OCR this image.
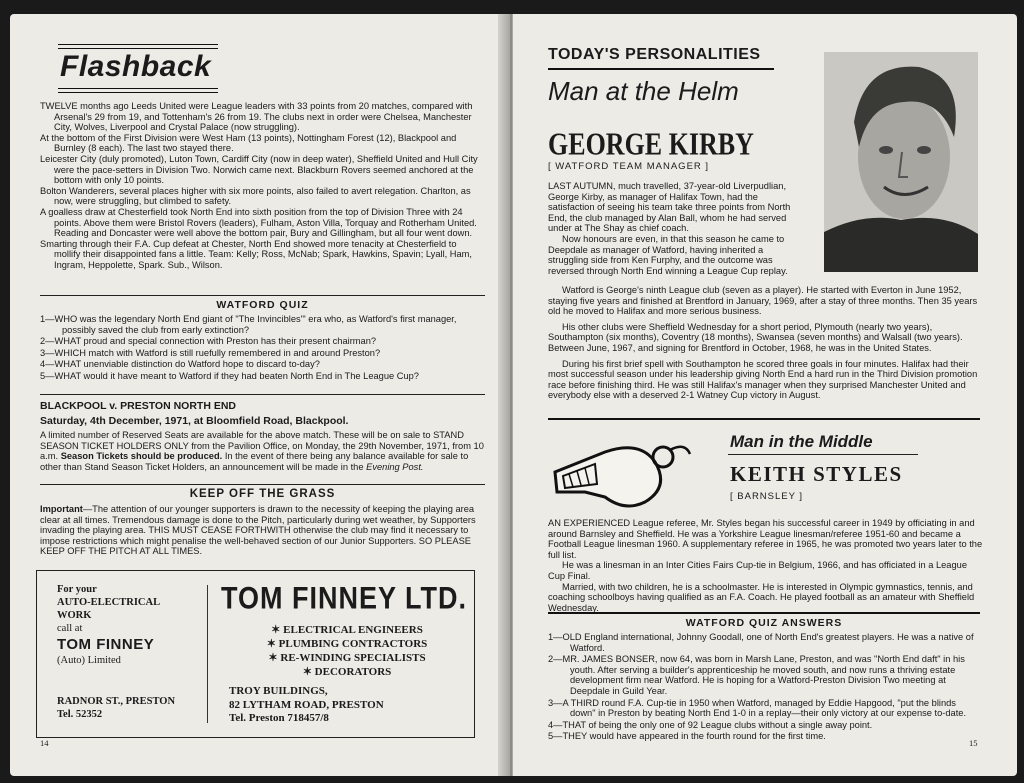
Flashback

TWELVE months ago Leeds United were League leaders with 33 points from 20 matches, compared with Arsenal's 29 from 19, and Tottenham's 26 from 19. The clubs next in order were Chelsea, Manchester City, Wolves, Liverpool and Crystal Palace (now struggling).

At the bottom of the First Division were West Ham (13 points), Nottingham Forest (12), Blackpool and Burnley (8 each). The last two stayed there.

Leicester City (duly promoted), Luton Town, Cardiff City (now in deep water), Sheffield United and Hull City were the pace-setters in Division Two. Norwich came next. Blackburn Rovers seemed anchored at the bottom with only 10 points.

Bolton Wanderers, several places higher with six more points, also failed to avert relegation. Charlton, as now, were struggling, but climbed to safety.

A goalless draw at Chesterfield took North End into sixth position from the top of Division Three with 24 points. Above them were Bristol Rovers (leaders), Fulham, Aston Villa, Torquay and Rotherham United. Reading and Doncaster were well above the bottom pair, Bury and Gillingham, but all four went down.

Smarting through their F.A. Cup defeat at Chester, North End showed more tenacity at Chesterfield to mollify their disappointed fans a little. Team: Kelly; Ross, McNab; Spark, Hawkins, Spavin; Lyall, Ham, Ingram, Heppolette, Spark. Sub., Wilson.

WATFORD QUIZ

1—WHO was the legendary North End giant of "The Invincibles'" era who, as Watford's first manager, possibly saved the club from early extinction?

2—WHAT proud and special connection with Preston has their present chairman?

3—WHICH match with Watford is still ruefully remembered in and around Preston?

4—WHAT unenviable distinction do Watford hope to discard to-day?

5—WHAT would it have meant to Watford if they had beaten North End in The League Cup?

BLACKPOOL v. PRESTON NORTH END
Saturday, 4th December, 1971, at Bloomfield Road, Blackpool.
A limited number of Reserved Seats are available for the above match. These will be on sale to STAND SEASON TICKET HOLDERS ONLY from the Pavilion Office, on Monday, the 29th November, 1971, from 10 a.m. Season Tickets should be produced. In the event of there being any balance available for sale to other than Stand Season Ticket Holders, an announcement will be made in the Evening Post.
KEEP OFF THE GRASS
Important—The attention of our younger supporters is drawn to the necessity of keeping the playing area clear at all times. Tremendous damage is done to the Pitch, particularly during wet weather, by Supporters invading the playing area. THIS MUST CEASE FORTHWITH otherwise the club may find it necessary to impose restrictions which might penalise the well-behaved section of our Junior Supporters. SO PLEASE KEEP OFF THE PITCH AT ALL TIMES.
For your
AUTO-ELECTRICAL
WORK
call at
TOM FINNEY
(Auto) Limited
RADNOR ST., PRESTON
Tel. 52352
TOM FINNEY LTD.
✶ ELECTRICAL ENGINEERS
✶ PLUMBING CONTRACTORS
✶ RE-WINDING SPECIALISTS
✶ DECORATORS
TROY BUILDINGS,
82 LYTHAM ROAD, PRESTON
Tel. Preston 718457/8
14
TODAY'S PERSONALITIES
Man at the Helm
GEORGE KIRBY
[ WATFORD TEAM MANAGER ]

LAST AUTUMN, much travelled, 37-year-old Liverpudlian, George Kirby, as manager of Halifax Town, had the satisfaction of seeing his team take three points from North End, the club managed by Alan Ball, whom he had served under at The Shay as chief coach.

Now honours are even, in that this season he came to Deepdale as manager of Watford, having inherited a struggling side from Ken Furphy, and the outcome was reversed through North End winning a League Cup replay.

Watford is George's ninth League club (seven as a player). He started with Everton in June 1952, staying five years and finished at Brentford in January, 1969, after a stay of three months. Then 35 years old he moved to Halifax and more serious business.

His other clubs were Sheffield Wednesday for a short period, Plymouth (nearly two years), Southampton (six months), Coventry (18 months), Swansea (seven months) and Walsall (two years). Between June, 1967, and signing for Brentford in October, 1968, he was in the United States.

During his first brief spell with Southampton he scored three goals in four minutes. Halifax had their most successful season under his leadership giving North End a hard run in the Third Division promotion race before finishing third. He was still Halifax's manager when they surprised Manchester United and everybody else with a deserved 2-1 Watney Cup victory in August.

Man in the Middle
KEITH STYLES
[ BARNSLEY ]

AN EXPERIENCED League referee, Mr. Styles began his successful career in 1949 by officiating in and around Barnsley and Sheffield. He was a Yorkshire League linesman/referee 1951-60 and became a Football League linesman 1960. A supplementary referee in 1965, he was promoted two years later to the full list.

He was a linesman in an Inter Cities Fairs Cup-tie in Belgium, 1966, and has officiated in a League Cup Final.

Married, with two children, he is a schoolmaster. He is interested in Olympic gymnastics, tennis, and coaching schoolboys having qualified as an F.A. Coach. He played football as an amateur with Sheffield Wednesday.

WATFORD QUIZ ANSWERS

1—OLD England international, Johnny Goodall, one of North End's greatest players. He was a native of Watford.

2—MR. JAMES BONSER, now 64, was born in Marsh Lane, Preston, and was "North End daft" in his youth. After serving a builder's apprenticeship he moved south, and now runs a thriving estate development firm near Watford. He is hoping for a Watford-Preston Division Two meeting at Deepdale in Guild Year.

3—A THIRD round F.A. Cup-tie in 1950 when Watford, managed by Eddie Hapgood, "put the blinds down" in Preston by beating North End 1-0 in a replay—their only victory at our expense to-date.

4—THAT of being the only one of 92 League clubs without a single away point.

5—THEY would have appeared in the fourth round for the first time.

15
